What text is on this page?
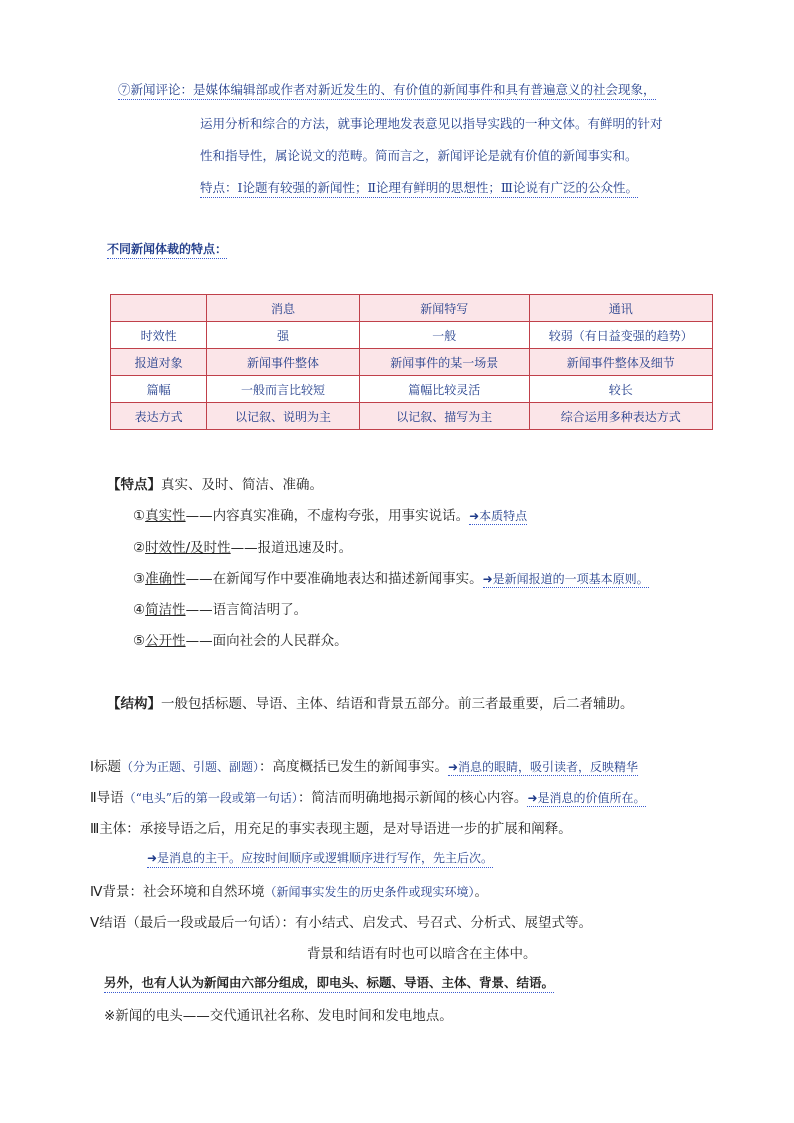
⑦新闻评论：是媒体编辑部或作者对新近发生的、有价值的新闻事件和具有普遍意义的社会现象，
运用分析和综合的方法，就事论理地发表意见以指导实践的一种文体。有鲜明的针对
性和指导性，属论说文的范畴。简而言之，新闻评论是就有价值的新闻事实和。
特点：Ⅰ论题有较强的新闻性；Ⅱ论理有鲜明的思想性；Ⅲ论说有广泛的公众性。
不同新闻体裁的特点：
	消息	新闻特写	通讯
时效性	强	一般	较弱（有日益变强的趋势）
报道对象	新闻事件整体	新闻事件的某一场景	新闻事件整体及细节
篇幅	一般而言比较短	篇幅比较灵活	较长
表达方式	以记叙、说明为主	以记叙、描写为主	综合运用多种表达方式
【特点】真实、及时、简洁、准确。
①真实性——内容真实准确，不虚构夸张，用事实说话。➜本质特点
②时效性/及时性——报道迅速及时。
③准确性——在新闻写作中要准确地表达和描述新闻事实。➜是新闻报道的一项基本原则。
④简洁性——语言简洁明了。
⑤公开性——面向社会的人民群众。
【结构】一般包括标题、导语、主体、结语和背景五部分。前三者最重要，后二者辅助。
Ⅰ标题（分为正题、引题、副题）：高度概括已发生的新闻事实。➜消息的眼睛，吸引读者，反映精华
Ⅱ导语（“电头”后的第一段或第一句话）：简洁而明确地揭示新闻的核心内容。➜是消息的价值所在。
Ⅲ主体：承接导语之后，用充足的事实表现主题，是对导语进一步的扩展和阐释。
➜是消息的主干。应按时间顺序或逻辑顺序进行写作，先主后次。
Ⅳ背景：社会环境和自然环境（新闻事实发生的历史条件或现实环境）。
Ⅴ结语（最后一段或最后一句话）：有小结式、启发式、号召式、分析式、展望式等。
背景和结语有时也可以暗含在主体中。
另外，也有人认为新闻由六部分组成，即电头、标题、导语、主体、背景、结语。
※新闻的电头——交代通讯社名称、发电时间和发电地点。
